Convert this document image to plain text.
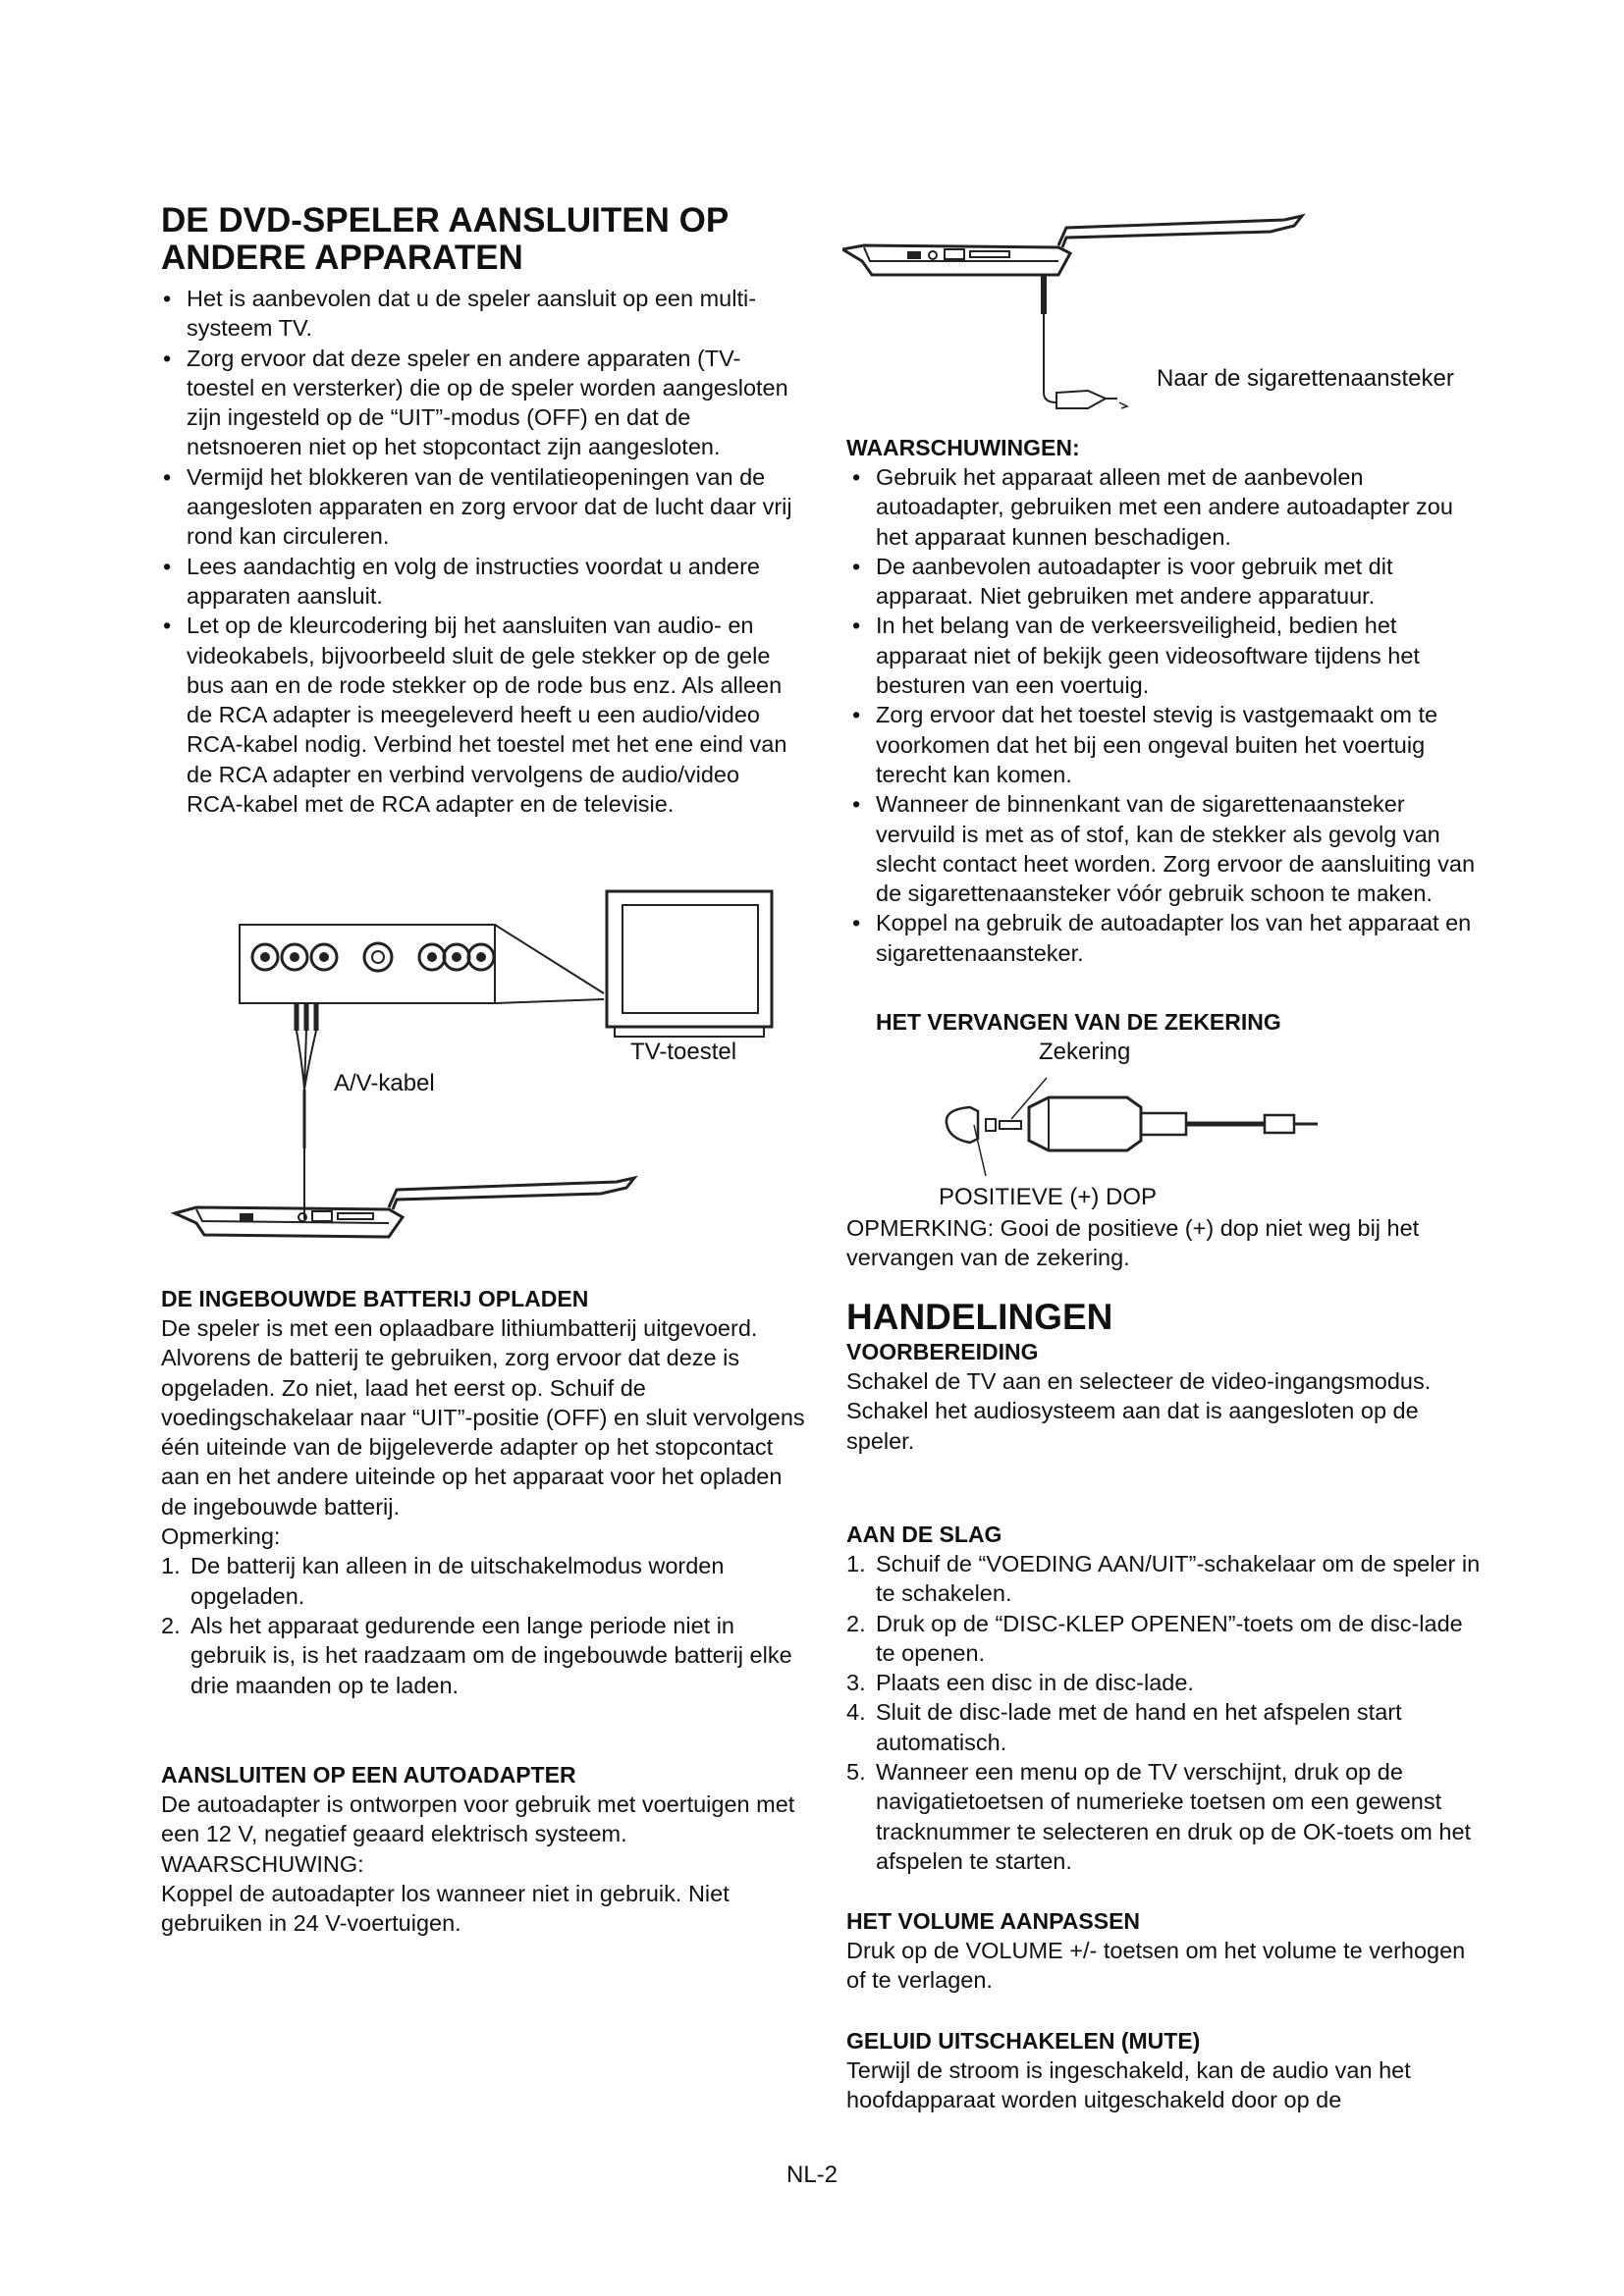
DE DVD-SPELER AANSLUITEN OP
ANDERE APPARATEN
• Het is aanbevolen dat u de speler aansluit op een multi-systeem TV.
• Zorg ervoor dat deze speler en andere apparaten (TV-toestel en versterker) die op de speler worden aangesloten zijn ingesteld op de “UIT”-modus (OFF) en dat de netsnoeren niet op het stopcontact zijn aangesloten.
• Vermijd het blokkeren van de ventilatieopeningen van de aangesloten apparaten en zorg ervoor dat de lucht daar vrij rond kan circuleren.
• Lees aandachtig en volg de instructies voordat u andere apparaten aansluit.
• Let op de kleurcodering bij het aansluiten van audio- en videokabels, bijvoorbeeld sluit de gele stekker op de gele bus aan en de rode stekker op de rode bus enz. Als alleen de RCA adapter is meegeleverd heeft u een audio/video RCA-kabel nodig. Verbind het toestel met het ene eind van de RCA adapter en verbind vervolgens de audio/video RCA-kabel met de RCA adapter en de televisie.
TV-toestel
A/V-kabel
DE INGEBOUWDE BATTERIJ OPLADEN

De speler is met een oplaadbare lithiumbatterij uitgevoerd. Alvorens de batterij te gebruiken, zorg ervoor dat deze is opgeladen. Zo niet, laad het eerst op. Schuif de voedingschakelaar naar “UIT”-positie (OFF) en sluit vervolgens één uiteinde van de bijgeleverde adapter op het stopcontact aan en het andere uiteinde op het apparaat voor het opladen de ingebouwde batterij.

Opmerking:

1. De batterij kan alleen in de uitschakelmodus worden opgeladen.
2. Als het apparaat gedurende een lange periode niet in gebruik is, is het raadzaam om de ingebouwde batterij elke drie maanden op te laden.
AANSLUITEN OP EEN AUTOADAPTER

De autoadapter is ontworpen voor gebruik met voertuigen met een 12 V, negatief geaard elektrisch systeem.

WAARSCHUWING:

Koppel de autoadapter los wanneer niet in gebruik. Niet gebruiken in 24 V-voertuigen.

Naar de sigarettenaansteker
WAARSCHUWINGEN:
• Gebruik het apparaat alleen met de aanbevolen autoadapter, gebruiken met een andere autoadapter zou het apparaat kunnen beschadigen.
• De aanbevolen autoadapter is voor gebruik met dit apparaat. Niet gebruiken met andere apparatuur.
• In het belang van de verkeersveiligheid, bedien het apparaat niet of bekijk geen videosoftware tijdens het besturen van een voertuig.
• Zorg ervoor dat het toestel stevig is vastgemaakt om te voorkomen dat het bij een ongeval buiten het voertuig terecht kan komen.
• Wanneer de binnenkant van de sigarettenaansteker vervuild is met as of stof, kan de stekker als gevolg van slecht contact heet worden. Zorg ervoor de aansluiting van de sigarettenaansteker vóór gebruik schoon te maken.
• Koppel na gebruik de autoadapter los van het apparaat en sigarettenaansteker.
HET VERVANGEN VAN DE ZEKERING
Zekering
POSITIEVE (+) DOP

OPMERKING: Gooi de positieve (+) dop niet weg bij het vervangen van de zekering.

HANDELINGEN
VOORBEREIDING

Schakel de TV aan en selecteer de video-ingangsmodus.

Schakel het audiosysteem aan dat is aangesloten op de speler.

AAN DE SLAG
1. Schuif de “VOEDING AAN/UIT”-schakelaar om de speler in te schakelen.
2. Druk op de “DISC-KLEP OPENEN”-toets om de disc-lade te openen.
3. Plaats een disc in de disc-lade.
4. Sluit de disc-lade met de hand en het afspelen start automatisch.
5. Wanneer een menu op de TV verschijnt, druk op de navigatietoetsen of numerieke toetsen om een gewenst tracknummer te selecteren en druk op de OK-toets om het afspelen te starten.
HET VOLUME AANPASSEN

Druk op de VOLUME +/- toetsen om het volume te verhogen of te verlagen.

GELUID UITSCHAKELEN (MUTE)

Terwijl de stroom is ingeschakeld, kan de audio van het hoofdapparaat worden uitgeschakeld door op de

NL-2
